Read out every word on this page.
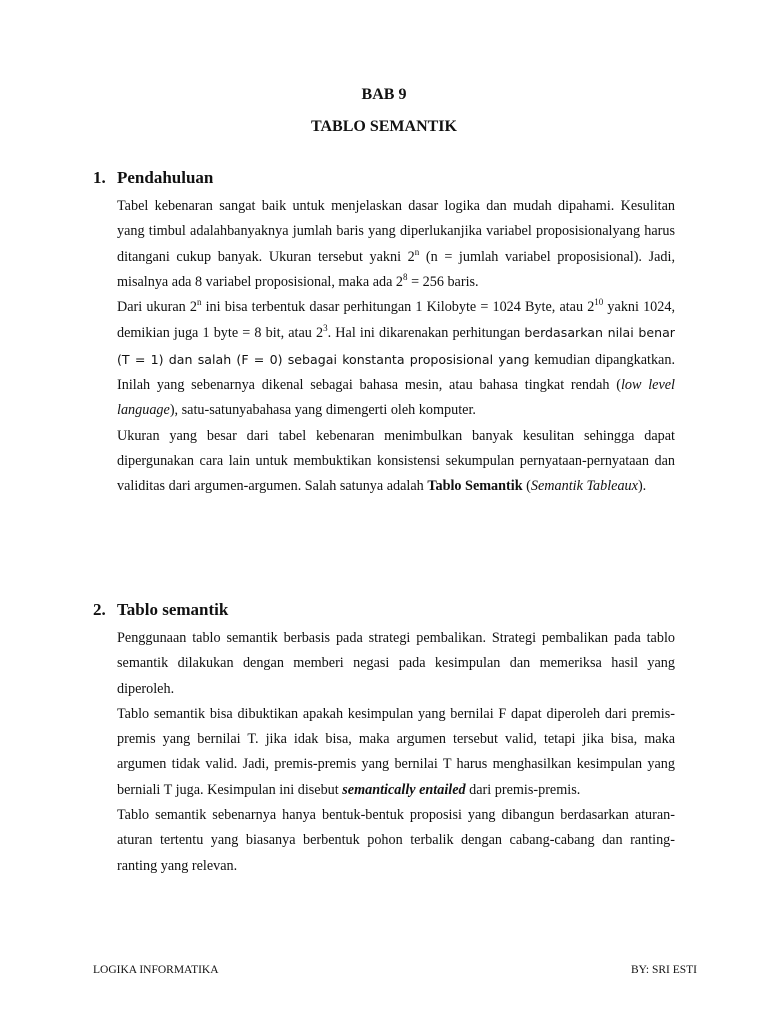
BAB 9
TABLO SEMANTIK
1. Pendahuluan

Tabel kebenaran sangat baik untuk menjelaskan dasar logika dan mudah dipahami. Kesulitan yang timbul adalahbanyaknya jumlah baris yang diperlukanjika variabel proposisionalyang harus ditangani cukup banyak. Ukuran tersebut yakni 2$^n$ (n = jumlah variabel proposisional). Jadi, misalnya ada 8 variabel proposisional, maka ada $2^8 = 256$ baris.

Dari ukuran 2$^n$ ini bisa terbentuk dasar perhitungan 1 Kilobyte = 1024 Byte, atau $2^{10}$ yakni 1024, demikian juga 1 byte = 8 bit, atau $2^3$. Hal ini dikarenakan perhitungan berdasarkan nilai benar (T = 1) dan salah (F = 0) sebagai konstanta proposisional yang kemudian dipangkatkan. Inilah yang sebenarnya dikenal sebagai bahasa mesin, atau bahasa tingkat rendah (low level language), satu-satunyabahasa yang dimengerti oleh komputer.

Ukuran yang besar dari tabel kebenaran menimbulkan banyak kesulitan sehingga dapat dipergunakan cara lain untuk membuktikan konsistensi sekumpulan pernyataan-pernyataan dan validitas dari argumen-argumen. Salah satunya adalah Tablo Semantik (Semantik Tableaux).

2. Tablo semantik

Penggunaan tablo semantik berbasis pada strategi pembalikan. Strategi pembalikan pada tablo semantik dilakukan dengan memberi negasi pada kesimpulan dan memeriksa hasil yang diperoleh.

Tablo semantik bisa dibuktikan apakah kesimpulan yang bernilai F dapat diperoleh dari premis-premis yang bernilai T. jika idak bisa, maka argumen tersebut valid, tetapi jika bisa, maka argumen tidak valid. Jadi, premis-premis yang bernilai T harus menghasilkan kesimpulan yang berniali T juga. Kesimpulan ini disebut semantically entailed dari premis-premis.

Tablo semantik sebenarnya hanya bentuk-bentuk proposisi yang dibangun berdasarkan aturan-aturan tertentu yang biasanya berbentuk pohon terbalik dengan cabang-cabang dan ranting-ranting yang relevan.

LOGIKA INFORMATIKA	BY: SRI ESTI
